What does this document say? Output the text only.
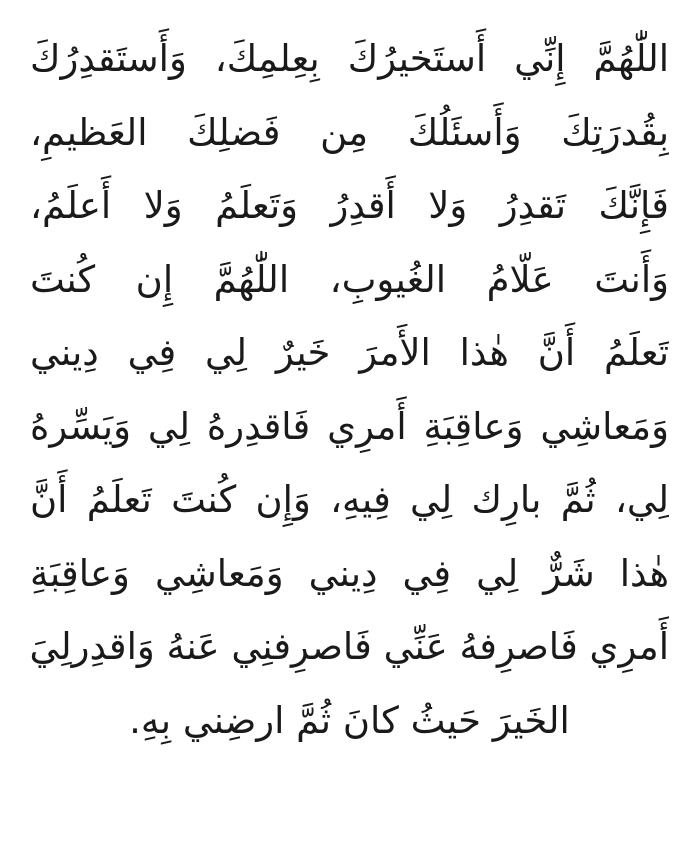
اللّٰهُمَّ إِنِّي أَستَخيرُكَ بِعِلمِكَ، وَأَستَقدِرُكَ
بِقُدرَتِكَ وَأَسئَلُكَ مِن فَضلِكَ العَظيمِ،
فَإِنَّكَ تَقدِرُ وَلا أَقدِرُ وَتَعلَمُ وَلا أَعلَمُ،
وَأَنتَ عَلّامُ الغُيوبِ، اللّٰهُمَّ إِن كُنتَ
تَعلَمُ أَنَّ هٰذا الأَمرَ خَيرٌ لِي فِي دِيني
وَمَعاشِي وَعاقِبَةِ أَمرِي فَاقدِرهُ لِي وَيَسِّرهُ
لِي، ثُمَّ بارِك لِي فِيهِ، وَإِن كُنتَ تَعلَمُ أَنَّ
هٰذا شَرٌّ لِي فِي دِيني وَمَعاشِي وَعاقِبَةِ
أَمرِي فَاصرِفهُ عَنِّي فَاصرِفنِي عَنهُ وَاقدِرلِيَ
الخَيرَ حَيثُ كانَ ثُمَّ ارضِني بِهِ.
